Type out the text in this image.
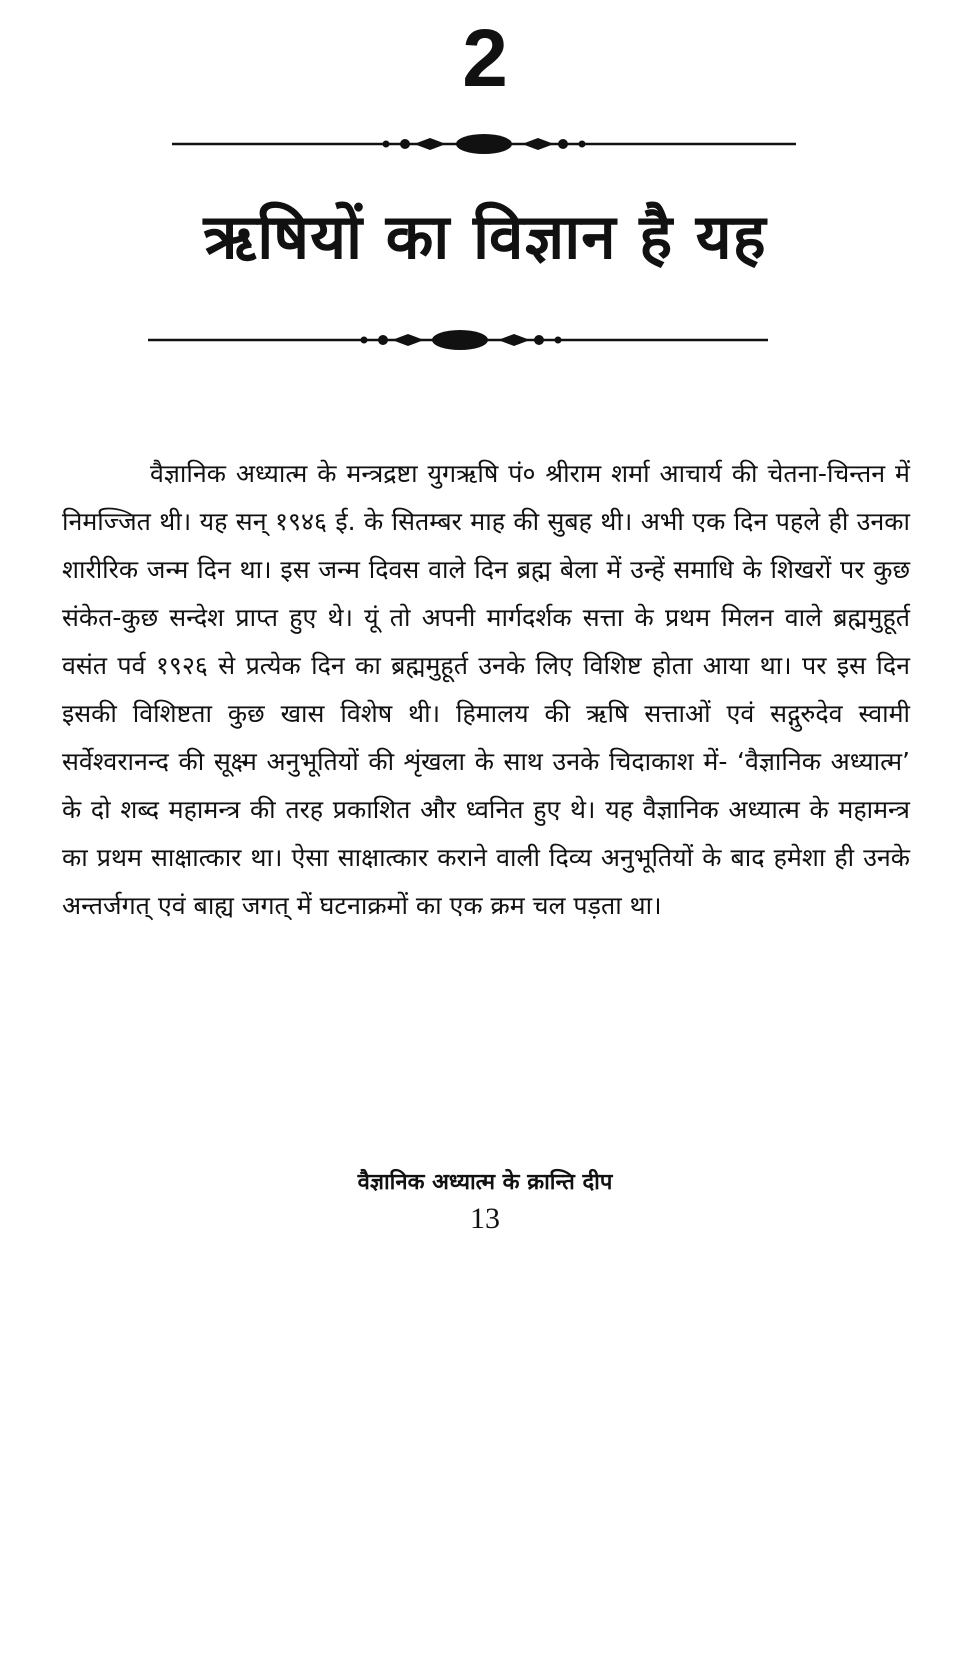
2
ऋषियों का विज्ञान है यह

वैज्ञानिक अध्यात्म के मन्त्रद्रष्टा युगऋषि पं० श्रीराम शर्मा आचार्य की चेतना-चिन्तन में निमज्जित थी। यह सन् १९४६ ई. के सितम्बर माह की सुबह थी। अभी एक दिन पहले ही उनका शारीरिक जन्म दिन था। इस जन्म दिवस वाले दिन ब्रह्म बेला में उन्हें समाधि के शिखरों पर कुछ संकेत-कुछ सन्देश प्राप्त हुए थे। यूं तो अपनी मार्गदर्शक सत्ता के प्रथम मिलन वाले ब्रह्ममुहूर्त वसंत पर्व १९२६ से प्रत्येक दिन का ब्रह्ममुहूर्त उनके लिए विशिष्ट होता आया था। पर इस दिन इसकी विशिष्टता कुछ खास विशेष थी। हिमालय की ऋषि सत्ताओं एवं सद्गुरुदेव स्वामी सर्वेश्वरानन्द की सूक्ष्म अनुभूतियों की शृंखला के साथ उनके चिदाकाश में- ‘वैज्ञानिक अध्यात्म’ के दो शब्द महामन्त्र की तरह प्रकाशित और ध्वनित हुए थे। यह वैज्ञानिक अध्यात्म के महामन्त्र का प्रथम साक्षात्कार था। ऐसा साक्षात्कार कराने वाली दिव्य अनुभूतियों के बाद हमेशा ही उनके अन्तर्जगत् एवं बाह्य जगत् में घटनाक्रमों का एक क्रम चल पड़ता था।

वैज्ञानिक अध्यात्म के क्रान्ति दीप

13
